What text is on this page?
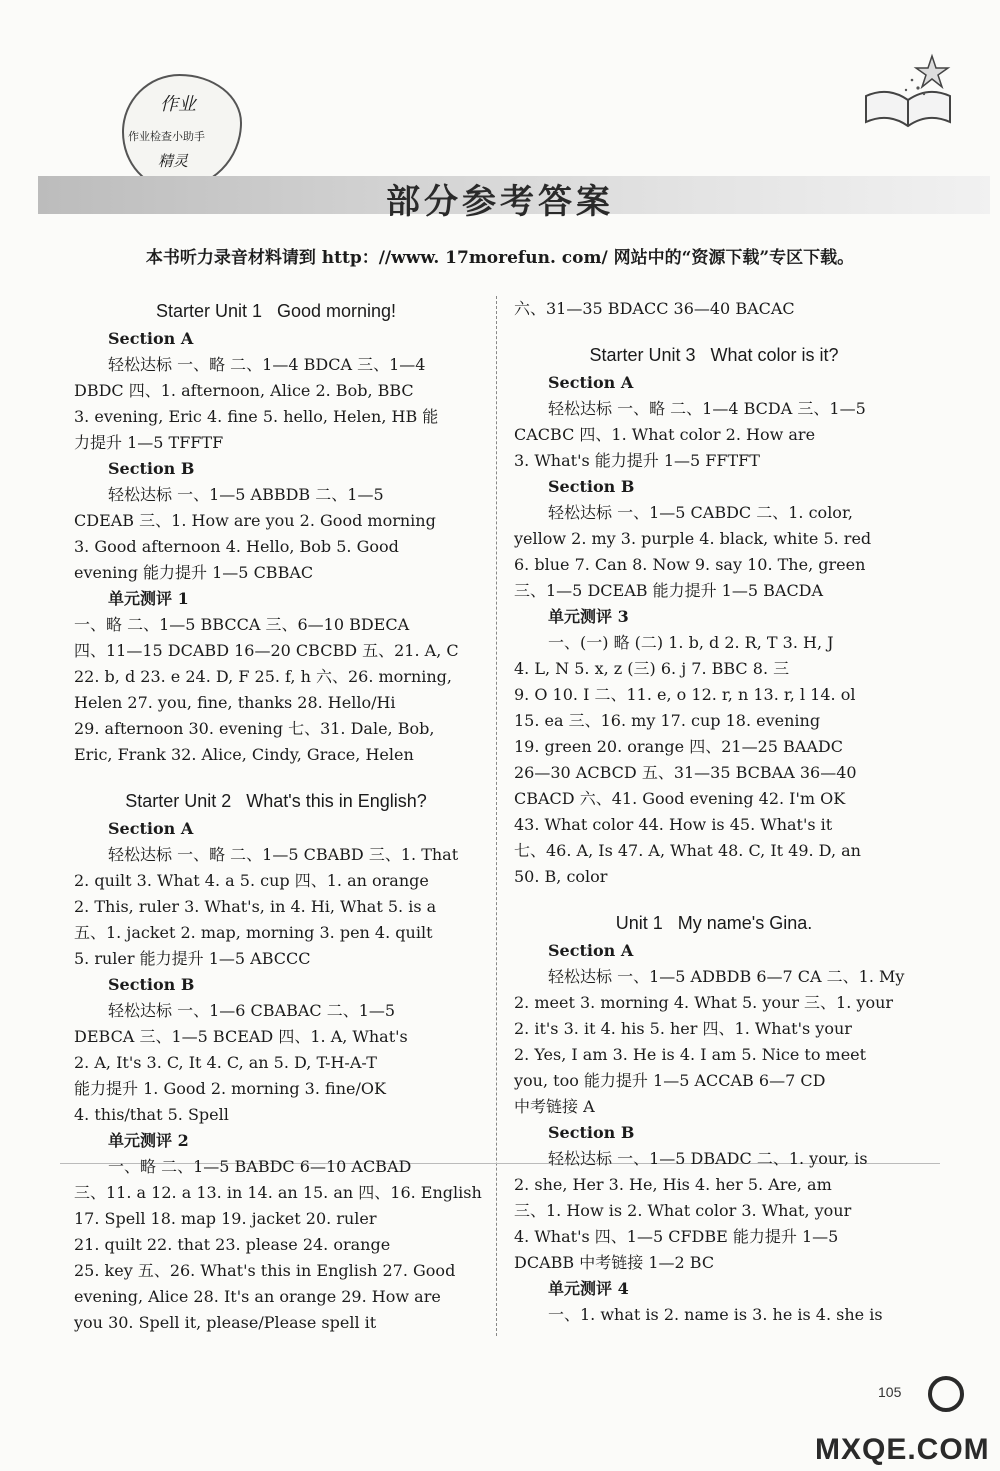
作业
作业检查小助手
精灵
部分参考答案
本书听力录音材料请到 http：//www. 17morefun. com/ 网站中的“资源下载”专区下载。
Starter Unit 1   Good morning!
Section A
轻松达标 一、略 二、1—4 BDCA 三、1—4
DBDC 四、1. afternoon, Alice 2. Bob, BBC
3. evening, Eric 4. fine 5. hello, Helen, HB 能
力提升 1—5 TFFTF
Section B
轻松达标 一、1—5 ABBDB 二、1—5
CDEAB 三、1. How are you 2. Good morning
3. Good afternoon 4. Hello, Bob 5. Good
evening 能力提升 1—5 CBBAC
单元测评 1
一、略 二、1—5 BBCCA 三、6—10 BDECA
四、11—15 DCABD 16—20 CBCBD 五、21. A, C
22. b, d 23. e 24. D, F 25. f, h 六、26. morning,
Helen 27. you, fine, thanks 28. Hello/Hi
29. afternoon 30. evening 七、31. Dale, Bob,
Eric, Frank 32. Alice, Cindy, Grace, Helen
Starter Unit 2   What's this in English?
Section A
轻松达标 一、略 二、1—5 CBABD 三、1. That
2. quilt 3. What 4. a 5. cup 四、1. an orange
2. This, ruler 3. What's, in 4. Hi, What 5. is a
五、1. jacket 2. map, morning 3. pen 4. quilt
5. ruler 能力提升 1—5 ABCCC
Section B
轻松达标 一、1—6 CBABAC 二、1—5
DEBCA 三、1—5 BCEAD 四、1. A, What's
2. A, It's 3. C, It 4. C, an 5. D, T-H-A-T
能力提升 1. Good 2. morning 3. fine/OK
4. this/that 5. Spell
单元测评 2
一、略 二、1—5 BABDC 6—10 ACBAD
三、11. a 12. a 13. in 14. an 15. an 四、16. English
17. Spell 18. map 19. jacket 20. ruler
21. quilt 22. that 23. please 24. orange
25. key 五、26. What's this in English 27. Good
evening, Alice 28. It's an orange 29. How are
you 30. Spell it, please/Please spell it
六、31—35 BDACC 36—40 BACAC
Starter Unit 3   What color is it?
Section A
轻松达标 一、略 二、1—4 BCDA 三、1—5
CACBC 四、1. What color 2. How are
3. What's 能力提升 1—5 FFTFT
Section B
轻松达标 一、1—5 CABDC 二、1. color,
yellow 2. my 3. purple 4. black, white 5. red
6. blue 7. Can 8. Now 9. say 10. The, green
三、1—5 DCEAB 能力提升 1—5 BACDA
单元测评 3
一、(一) 略 (二) 1. b, d 2. R, T 3. H, J
4. L, N 5. x, z (三) 6. j 7. BBC 8. 三
9. O 10. I 二、11. e, o 12. r, n 13. r, l 14. ol
15. ea 三、16. my 17. cup 18. evening
19. green 20. orange 四、21—25 BAADC
26—30 ACBCD 五、31—35 BCBAA 36—40
CBACD 六、41. Good evening 42. I'm OK
43. What color 44. How is 45. What's it
七、46. A, Is 47. A, What 48. C, It 49. D, an
50. B, color
Unit 1   My name's Gina.
Section A
轻松达标 一、1—5 ADBDB 6—7 CA 二、1. My
2. meet 3. morning 4. What 5. your 三、1. your
2. it's 3. it 4. his 5. her 四、1. What's your
2. Yes, I am 3. He is 4. I am 5. Nice to meet
you, too 能力提升 1—5 ACCAB 6—7 CD
中考链接 A
Section B
轻松达标 一、1—5 DBADC 二、1. your, is
2. she, Her 3. He, His 4. her 5. Are, am
三、1. How is 2. What color 3. What, your
4. What's 四、1—5 CFDBE 能力提升 1—5
DCABB 中考链接 1—2 BC
单元测评 4
一、1. what is 2. name is 3. he is 4. she is
105
MXQE.COM
